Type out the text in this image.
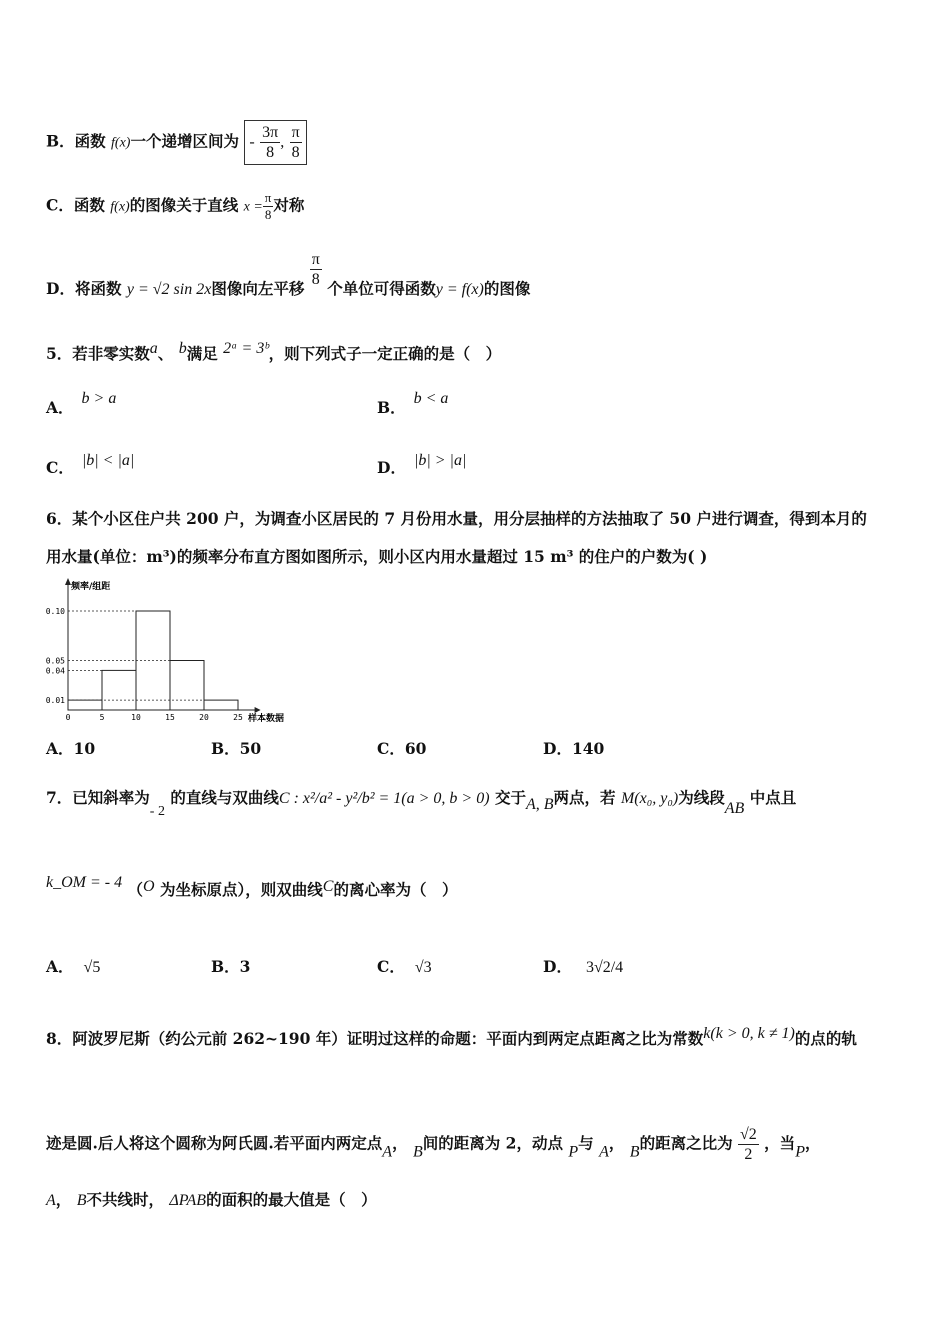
B．函数 f(x)一个递增区间为 - $\frac{3\pi}{8}$ , $\frac{\pi}{8}$
C．函数 f(x)的图像关于直线 $x = \frac{\pi}{8}$ 对称
D．将函数 y = √2 sin 2x图像向左平移 $\frac{\pi}{8}$ 个单位可得函数y = f(x)的图像
5．若非零实数a、 b满足 2ᵃ = 3ᵇ，则下列式子一定正确的是（　）
A． b > a	B． b < a
C． |b| < |a|	D． |b| > |a|
6．某个小区住户共 200 户，为调查小区居民的 7 月份用水量，用分层抽样的方法抽取了 50 户进行调查，得到本月的
用水量(单位：m³)的频率分布直方图如图所示，则小区内用水量超过 15 m³ 的住户的户数为( )
频率/组距
0.01
0.04
0.05
0.10
0	5	10	15	20	25 样本数据
A．10	B．50	C．60	D．140
7．已知斜率为- 2 的直线与双曲线C : x²/a² - y²/b² = 1(a > 0, b > 0) 交于A, B两点，若 M(x₀, y₀)为线段AB 中点且
k_OM = - 4 （O 为坐标原点），则双曲线C的离心率为（　）
A． √5	B．3	C． √3	D． 3√2/4
8．阿波罗尼斯（约公元前 262~190 年）证明过这样的命题：平面内到两定点距离之比为常数k(k > 0, k ≠ 1)的点的轨
迹是圆.后人将这个圆称为阿氏圆.若平面内两定点A， B间的距离为 2，动点 P与 A， B的距离之比为 $\frac{√2}{2}$ ，当P，
A， B不共线时， ΔPAB的面积的最大值是（　）
